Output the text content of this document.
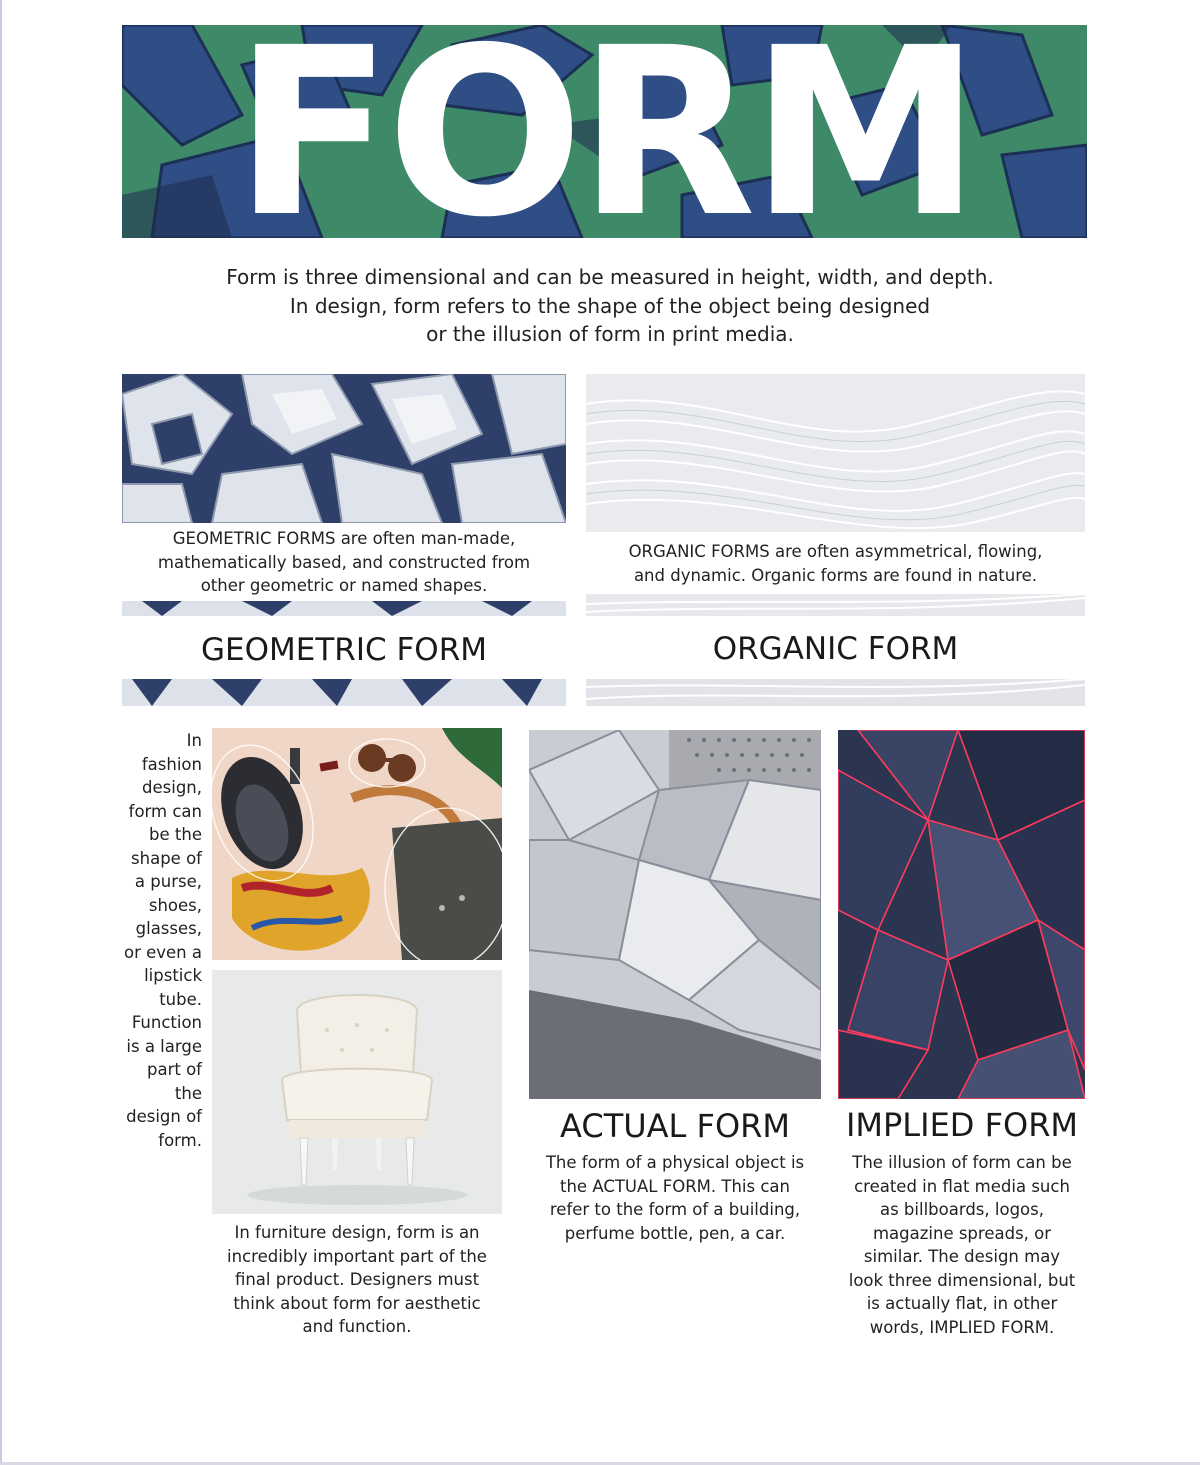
FORM
Form is three dimensional and can be measured in height, width, and depth.
In design, form refers to the shape of the object being designed
or the illusion of form in print media.
GEOMETRIC FORMS are often man-made,
mathematically based, and constructed from
other geometric or named shapes.
GEOMETRIC FORM
ORGANIC FORMS are often asymmetrical, flowing,
and dynamic. Organic forms are found in nature.
ORGANIC FORM
In
fashion
design,
form can
be the
shape of
a purse,
shoes,
glasses,
or even a
lipstick
tube.
Function
is a large
part of
the
design of
form.
In furniture design, form is an
incredibly important part of the
final product. Designers must
think about form for aesthetic
and function.
ACTUAL FORM
The form of a physical object is
the ACTUAL FORM. This can
refer to the form of a building,
perfume bottle, pen, a car.
IMPLIED FORM
The illusion of form can be
created in flat media such
as billboards, logos,
magazine spreads, or
similar. The design may
look three dimensional, but
is actually flat, in other
words, IMPLIED FORM.
